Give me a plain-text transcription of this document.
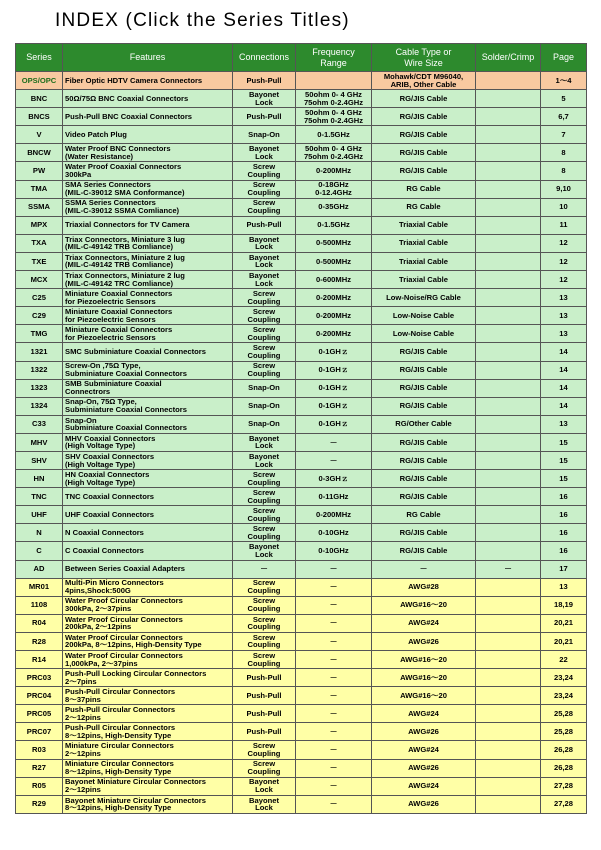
INDEX (Click the Series Titles)
Series	Features	Connections	Frequency
Range	Cable Type or
Wire Size	Solder/Crimp	Page
OPS/OPC	Fiber Optic HDTV Camera Connectors	Push-Pull		Mohawk/CDT M96040,
ARIB, Other Cable		1～4
BNC	50Ω/75Ω BNC Coaxial Connectors	Bayonet
Lock	50ohm 0- 4 GHz
75ohm 0-2.4GHz	RG/JIS Cable		5
BNCS	Push-Pull BNC Coaxial Connectors	Push-Pull	50ohm 0- 4 GHz
75ohm 0-2.4GHz	RG/JIS Cable		6,7
V	Video Patch Plug	Snap-On	0-1.5GHz	RG/JIS Cable		7
BNCW	Water Proof BNC Connectors
(Water Resistance)	Bayonet
Lock	50ohm 0- 4 GHz
75ohm 0-2.4GHz	RG/JIS Cable		8
PW	Water Proof Coaxial Connectors
300kPa	Screw
Coupling	0-200MHz	RG/JIS Cable		8
TMA	SMA Series Connectors
(MIL-C-39012 SMA Conformance)	Screw
Coupling	0-18GHz
0-12.4GHz	RG Cable		9,10
SSMA	SSMA Series Connectors
(MIL-C-39012 SSMA Comliance)	Screw
Coupling	0-35GHz	RG Cable		10
MPX	Triaxial Connectors for TV Camera	Push-Pull	0-1.5GHz	Triaxial Cable		11
TXA	Triax Connectors, Miniature 3 lug
(MIL-C-49142 TRB Comliance)	Bayonet
Lock	0-500MHz	Triaxial Cable		12
TXE	Triax Connectors, Miniature 2 lug
(MIL-C-49142 TRB Comliance)	Bayonet
Lock	0-500MHz	Triaxial Cable		12
MCX	Triax Connectors, Miniature 2 lug
(MIL-C-49142 TRC Comliance)	Bayonet
Lock	0-600MHz	Triaxial Cable		12
C25	Miniature Coaxial Connectors
for Piezoelectric Sensors	Screw
Coupling	0-200MHz	Low-Noise/RG Cable		13
C29	Miniature Coaxial Connectors
for Piezoelectric Sensors	Screw
Coupling	0-200MHz	Low-Noise Cable		13
TMG	Miniature Coaxial Connectors
for Piezoelectric Sensors	Screw
Coupling	0-200MHz	Low-Noise Cable		13
1321	SMC Subminiature Coaxial Connectors	Screw
Coupling	0-1GHｚ	RG/JIS Cable		14
1322	Screw-On ,75Ω Type,
Subminiature Coaxial Connectors	Screw
Coupling	0-1GHｚ	RG/JIS Cable		14
1323	SMB Subminiature Coaxial
Connectrors	Snap-On	0-1GHｚ	RG/JIS Cable		14
1324	Snap-On, 75Ω Type,
Subminiature Coaxial Connectors	Snap-On	0-1GHｚ	RG/JIS Cable		14
C33	Snap-On
Subminiature Coaxial Connectors	Snap-On	0-1GHｚ	RG/Other Cable		13
MHV	MHV Coaxial Connectors
(High Voltage Type)	Bayonet
Lock	－	RG/JIS Cable		15
SHV	SHV Coaxial Connectors
(High Voltage Type)	Bayonet
Lock	－	RG/JIS Cable		15
HN	HN Coaxial Connectors
(High Voltage Type)	Screw
Coupling	0-3GHｚ	RG/JIS Cable		15
TNC	TNC Coaxial Connectors	Screw
Coupling	0-11GHz	RG/JIS Cable		16
UHF	UHF Coaxial Connectors	Screw
Coupling	0-200MHz	RG Cable		16
N	N Coaxial Connectors	Screw
Coupling	0-10GHz	RG/JIS Cable		16
C	C Coaxial Connectors	Bayonet
Lock	0-10GHz	RG/JIS Cable		16
AD	Between Series Coaxial Adapters	－	－	－	－	17
MR01	Multi-Pin Micro Connectors
4pins,Shock:500G	Screw
Coupling	－	AWG#28		13
1108	Water Proof Circular Connectors
300kPa, 2～37pins	Screw
Coupling	－	AWG#16～20		18,19
R04	Water Proof Circular Connectors
200kPa, 2～12pins	Screw
Coupling	－	AWG#24		20,21
R28	Water Proof Circular Connectors
200kPa, 8～12pins, High-Density Type	Screw
Coupling	－	AWG#26		20,21
R14	Water Proof Circular Connectors
1,000kPa, 2～37pins	Screw
Coupling	－	AWG#16～20		22
PRC03	Push-Pull Locking Circular Connectors
2～7pins	Push-Pull	－	AWG#16～20		23,24
PRC04	Push-Pull Circular Connectors
8～37pins	Push-Pull	－	AWG#16～20		23,24
PRC05	Push-Pull Circular Connectors
2～12pins	Push-Pull	－	AWG#24		25,28
PRC07	Push-Pull Circular Connectors
8～12pins, High-Density Type	Push-Pull	－	AWG#26		25,28
R03	Miniature Circular Connectors
2～12pins	Screw
Coupling	－	AWG#24		26,28
R27	Miniature Circular Connectors
8～12pins, High-Density Type	Screw
Coupling	－	AWG#26		26,28
R05	Bayonet Miniature Circular Connectors
2～12pins	Bayonet
Lock	－	AWG#24		27,28
R29	Bayonet Miniature Circular Connectors
8～12pins, High-Density Type	Bayonet
Lock	－	AWG#26		27,28
